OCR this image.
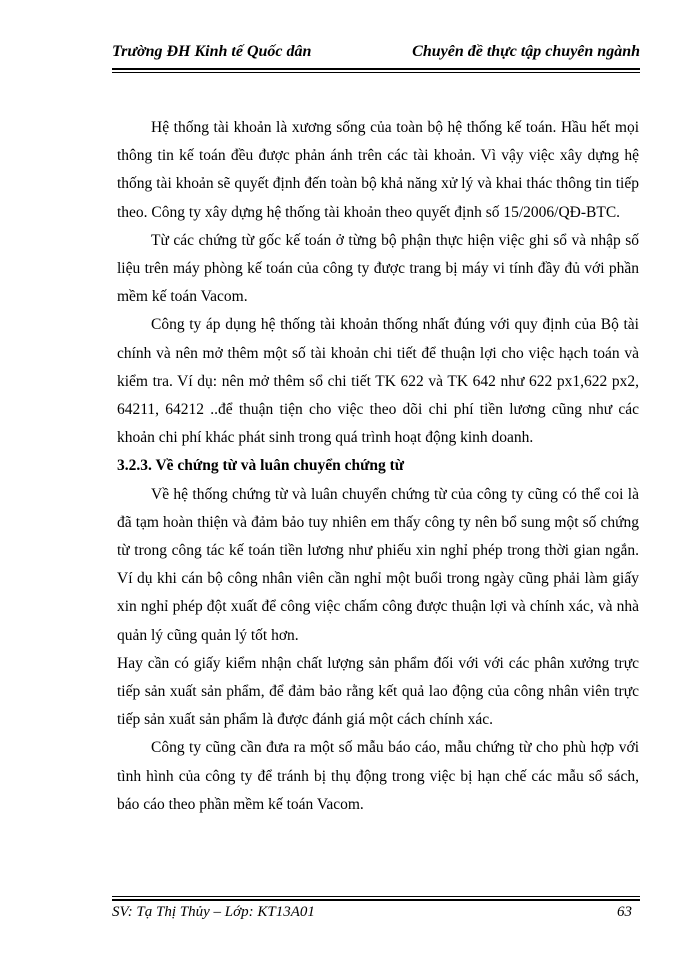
Trường ĐH Kinh tế Quốc dân	Chuyên đề thực tập chuyên ngành

Hệ thống tài khoản là xương sống của toàn bộ hệ thống kế toán. Hầu hết mọi thông tin kế toán đều được phản ánh trên các tài khoản. Vì vậy việc xây dựng hệ thống tài khoản sẽ quyết định đến toàn bộ khả năng xử lý và khai thác thông tin tiếp theo. Công ty xây dựng hệ thống tài khoản theo quyết định số 15/2006/QĐ-BTC.

Từ các chứng từ gốc kế toán ở từng bộ phận thực hiện việc ghi sổ và nhập số liệu trên máy phòng kế toán của công ty được trang bị máy vi tính đầy đủ với phần mềm kế toán Vacom.

Công ty áp dụng hệ thống tài khoản thống nhất đúng với quy định của Bộ tài chính và nên mở thêm một số tài khoản chi tiết để thuận lợi cho việc hạch toán và kiểm tra. Ví dụ: nên mở thêm sổ chi tiết TK 622 và TK 642 như 622 px1,622 px2, 64211, 64212 ..để thuận tiện cho việc theo dõi chi phí tiền lương cũng như các khoản chi phí khác phát sinh trong quá trình hoạt động kinh doanh.

3.2.3. Về chứng từ và luân chuyển chứng từ

Về hệ thống chứng từ và luân chuyển chứng từ của công ty cũng có thể coi là đã tạm hoàn thiện và đảm bảo tuy nhiên em thấy công ty nên bổ sung một số chứng từ trong công tác kế toán tiền lương như phiếu xin nghỉ phép trong thời gian ngắn. Ví dụ khi cán bộ công nhân viên cần nghỉ một buổi trong ngày cũng phải làm giấy xin nghỉ phép đột xuất để công việc chấm công được thuận lợi và chính xác, và nhà quản lý cũng quản lý tốt hơn.

Hay cần có giấy kiểm nhận chất lượng sản phẩm đối với với các phân xưởng trực tiếp sản xuất sản phẩm, để đảm bảo rằng kết quả lao động của công nhân viên trực tiếp sản xuất sản phẩm là được đánh giá một cách chính xác.

Công ty cũng cần đưa ra một số mẫu báo cáo, mẫu chứng từ cho phù hợp với tình hình của công ty để tránh bị thụ động trong việc bị hạn chế các mẫu sổ sách, báo cáo theo phần mềm kế toán Vacom.

SV: Tạ Thị Thủy – Lớp: KT13A01	63
